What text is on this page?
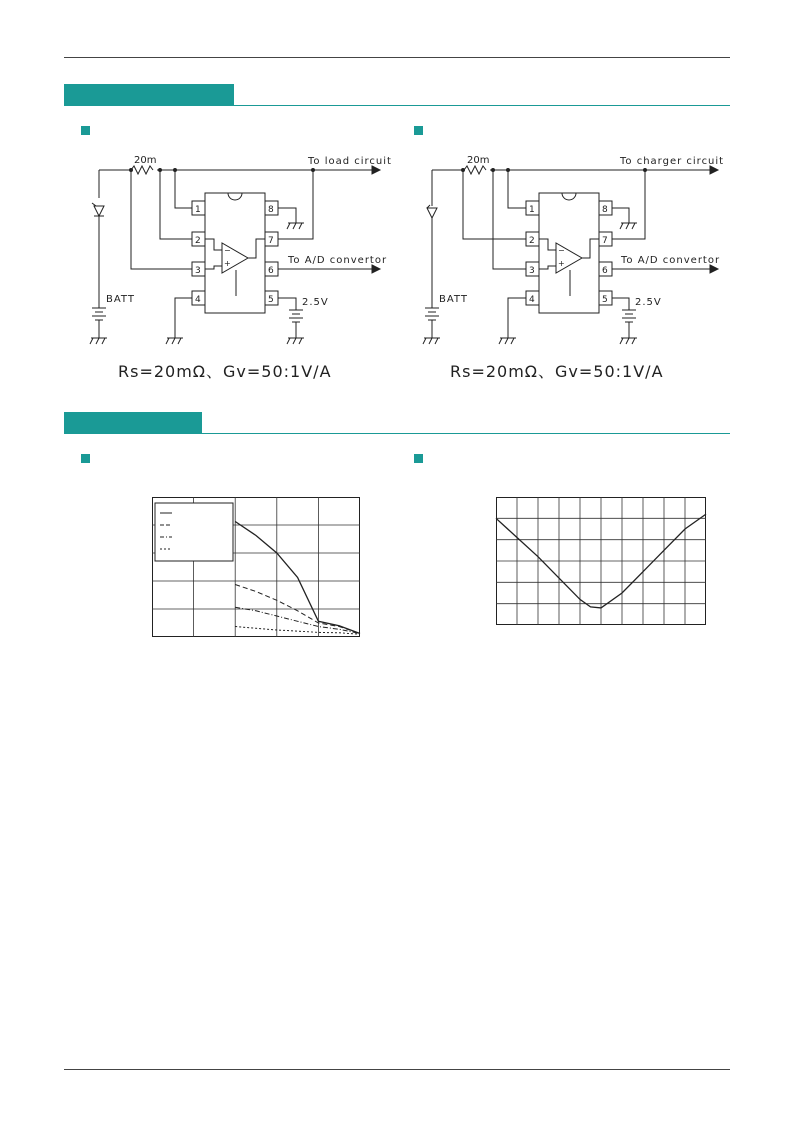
20m	To load circuit
To A/D convertor
BATT	2.5V
1
2
3
4	5
6
7
8
−
+
Rs=20mΩ、Gv=50:1V/A
20m	To charger circuit
To A/D convertor
BATT	2.5V
1
2
3
4	5
6
7
8
−
+
Rs=20mΩ、Gv=50:1V/A
